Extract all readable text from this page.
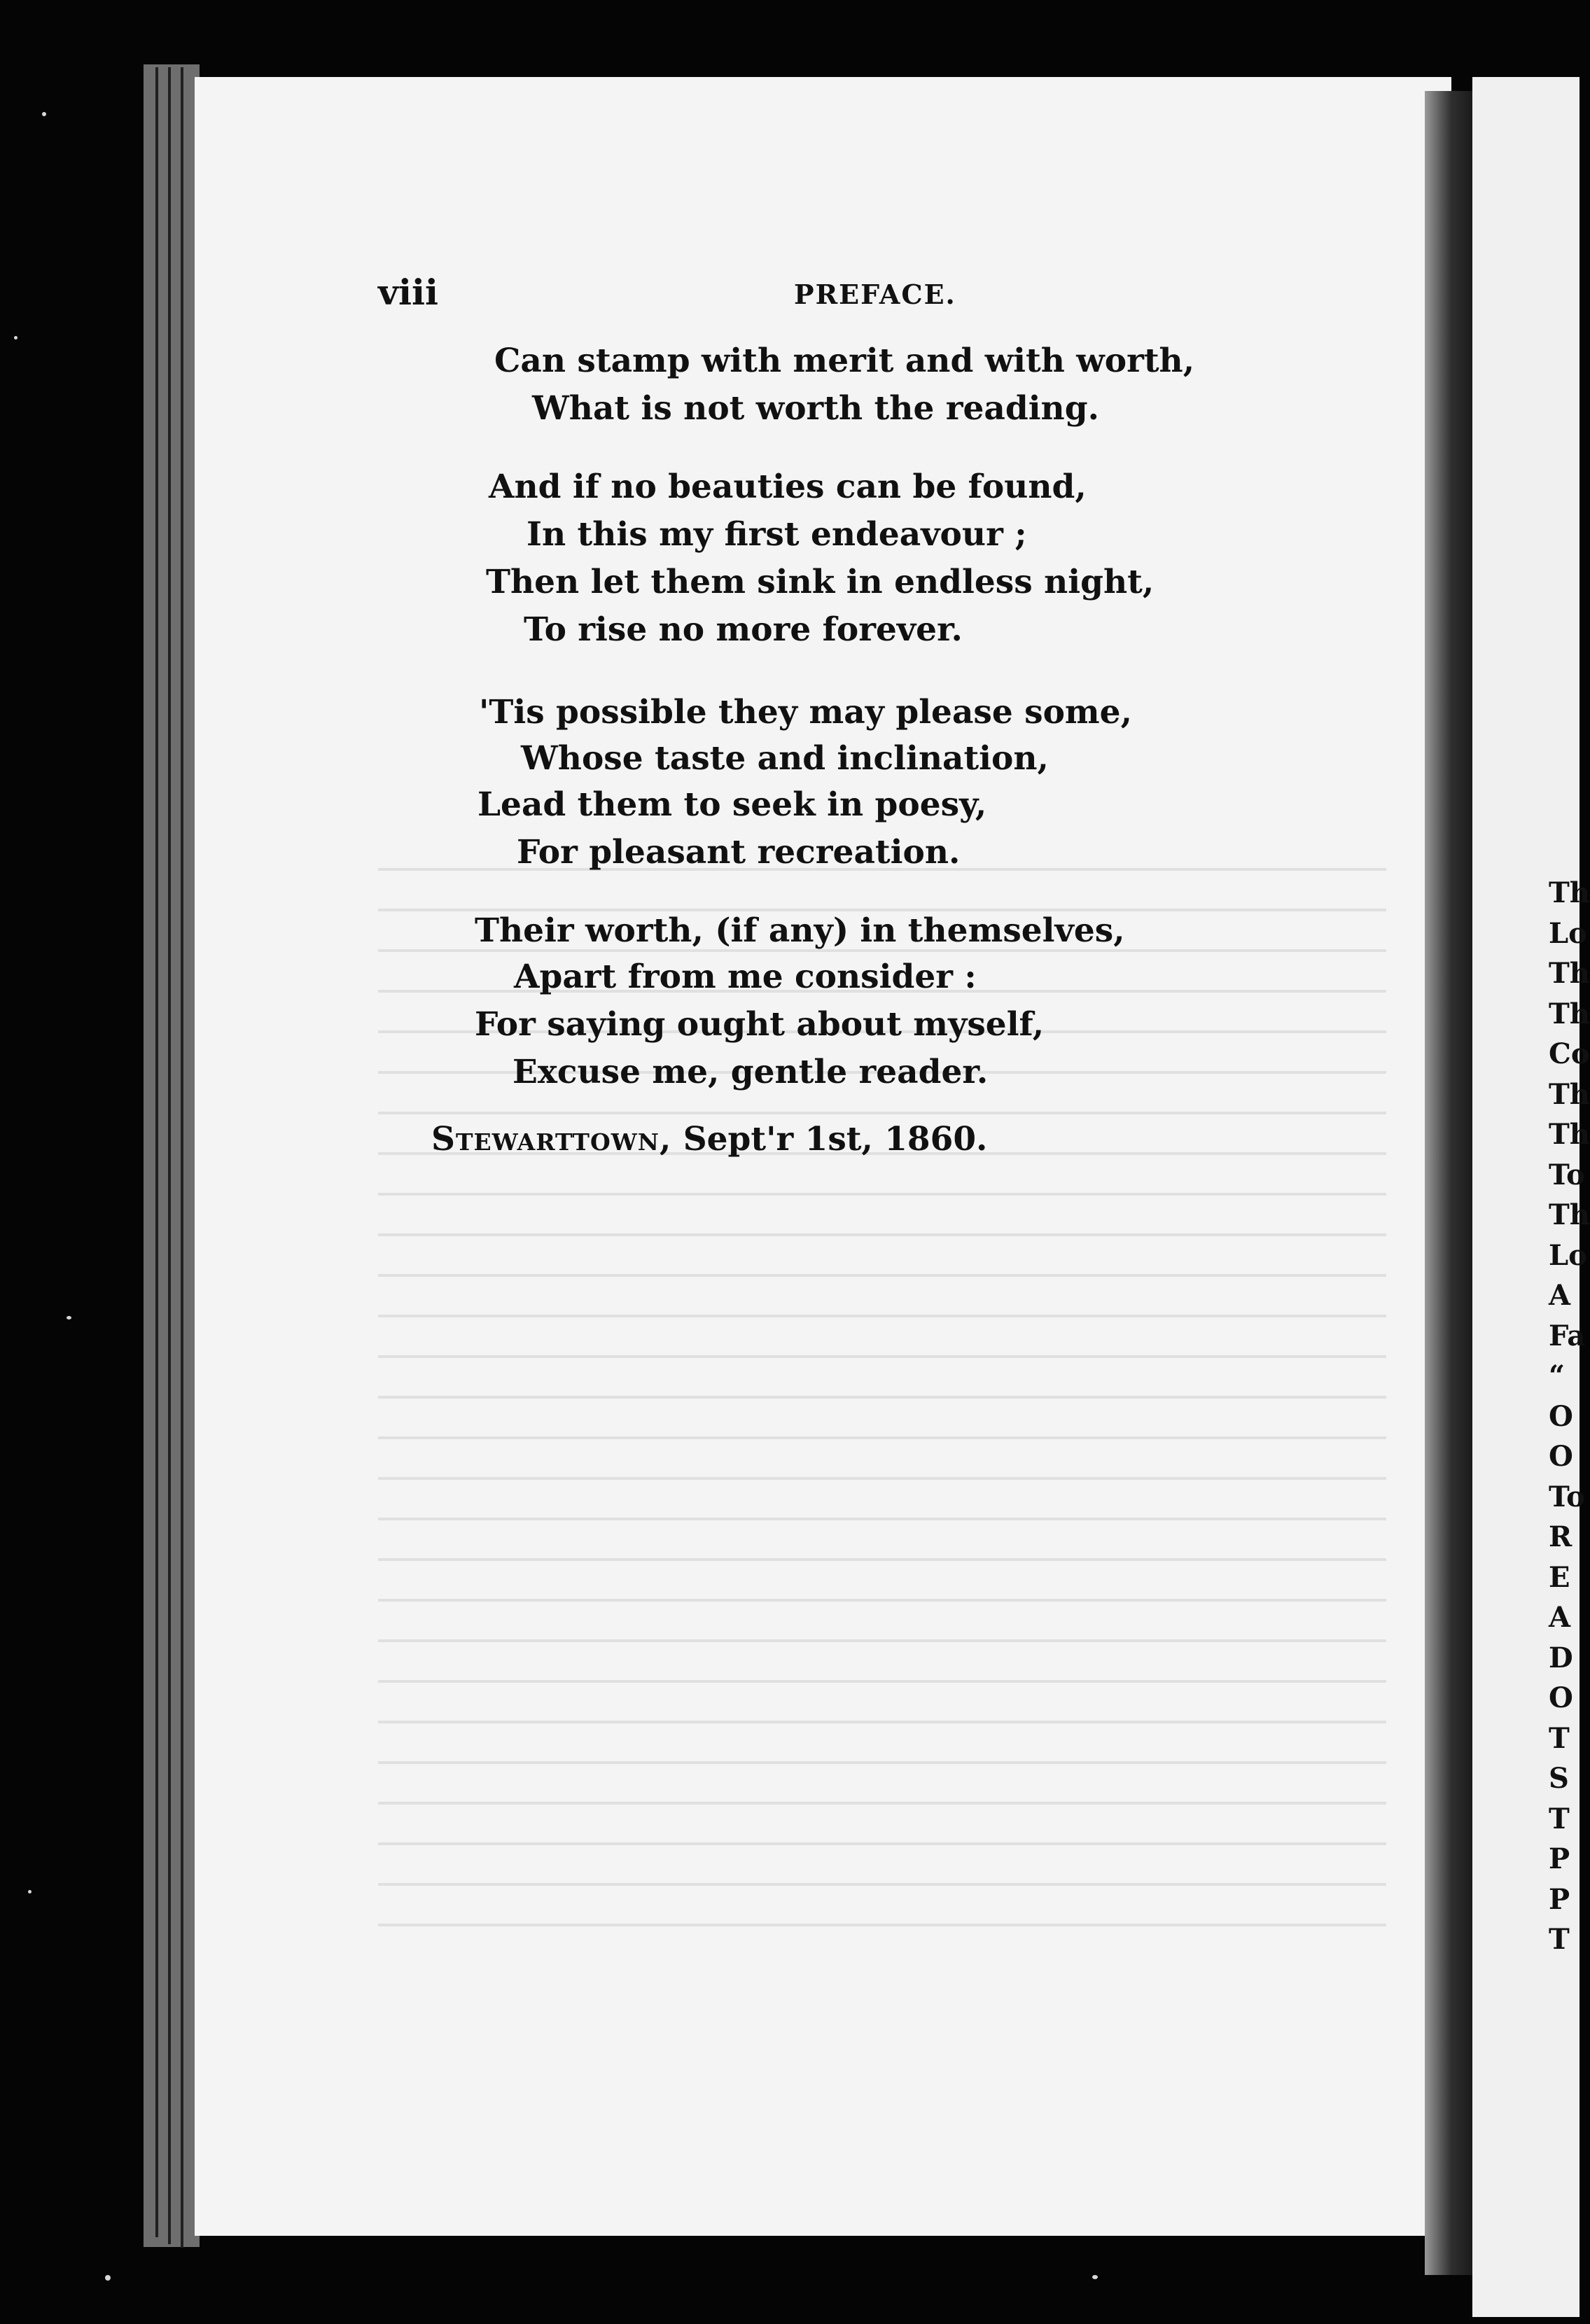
Th
Lo
Th
Th
Co
Th
Th
To
Th
Lo
A
Fa
“
O
O
To
R
E
A
D
O
T
S
T
P
P
T
viii	PREFACE.
Can stamp with merit and with worth,
What is not worth the reading.
And if no beauties can be found,
In this my first endeavour ;
Then let them sink in endless night,
To rise no more forever.
'Tis possible they may please some,
Whose taste and inclination,
Lead them to seek in poesy,
For pleasant recreation.
Their worth, (if any) in themselves,
Apart from me consider :
For saying ought about myself,
Excuse me, gentle reader.
Stewarttown, Sept'r 1st, 1860.
